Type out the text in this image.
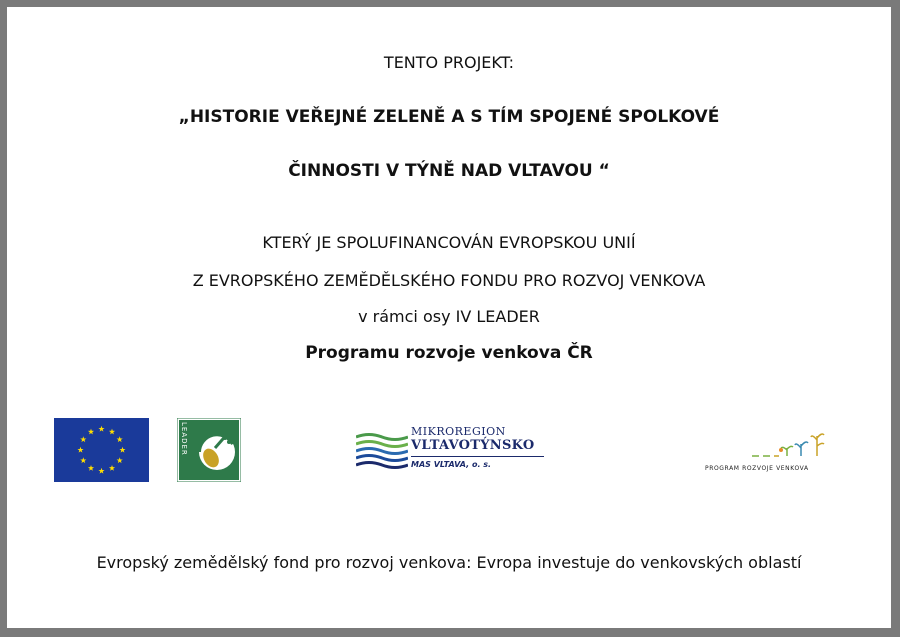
TENTO PROJEKT:
„HISTORIE VEŘEJNÉ ZELENĚ A S TÍM SPOJENÉ SPOLKOVÉ
ČINNOSTI V TÝNĚ NAD VLTAVOU “
KTERÝ JE SPOLUFINANCOVÁN EVROPSKOU UNIÍ
Z EVROPSKÉHO ZEMĚDĚLSKÉHO FONDU PRO ROZVOJ VENKOVA
v rámci osy IV LEADER
Programu rozvoje venkova ČR
LEADER	MIKROREGION
VLTAVOTÝNSKO
MAS VLTAVA, o. s.	PROGRAM ROZVOJE VENKOVA
Evropský zemědělský fond pro rozvoj venkova: Evropa investuje do venkovských oblastí
